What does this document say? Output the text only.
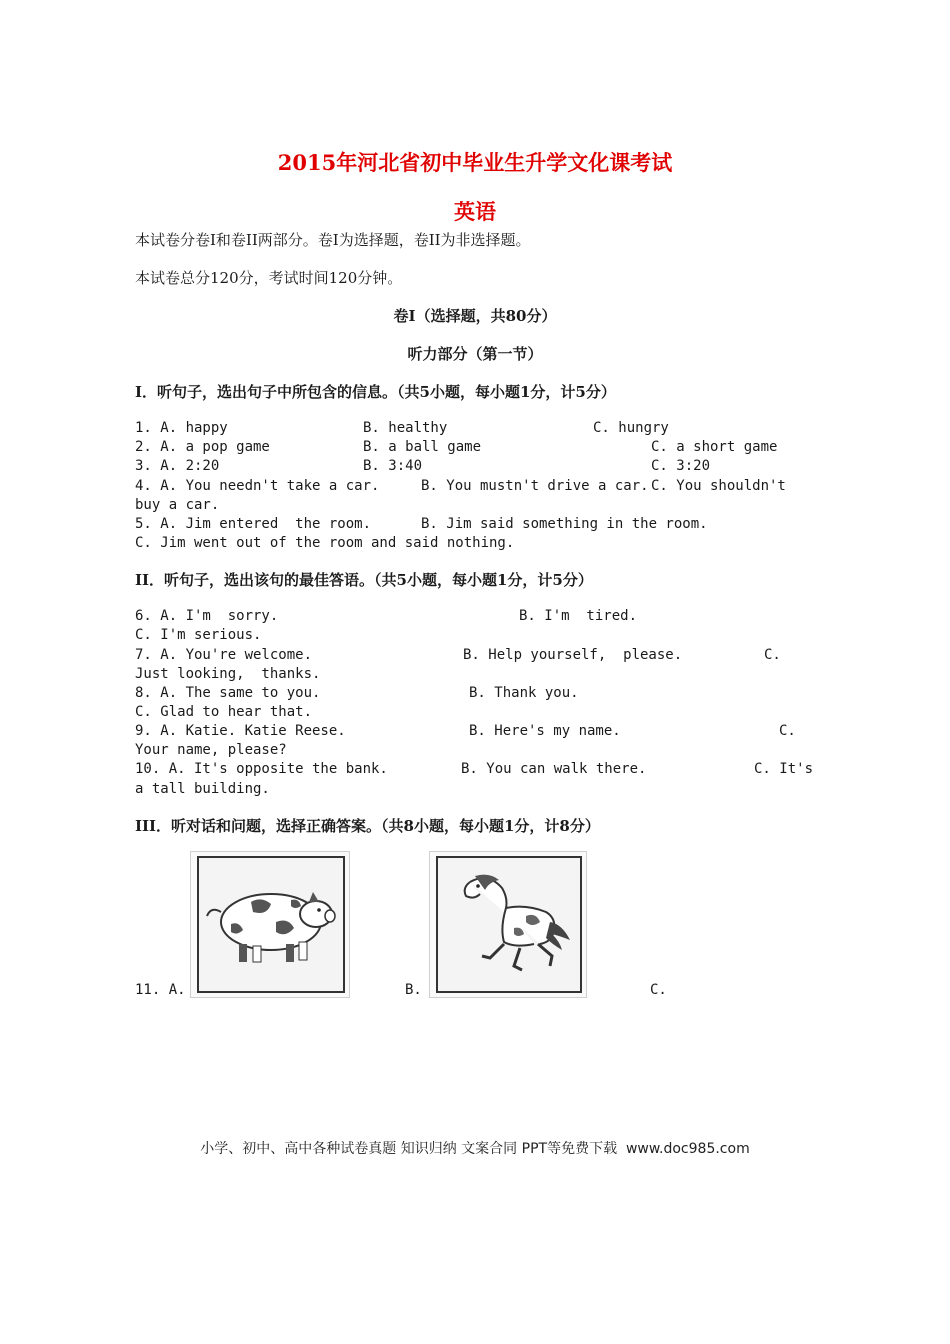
2015年河北省初中毕业生升学文化课考试
英语
本试卷分卷I和卷II两部分。卷I为选择题，卷II为非选择题。
本试卷总分120分，考试时间120分钟。
卷I（选择题，共80分）
听力部分（第一节）
I．听句子，选出句子中所包含的信息。（共5小题，每小题1分，计5分）
1. A. happy	B. healthy	C. hungry
2. A. a pop game	B. a ball game	C. a short game
3. A. 2:20	B. 3:40	C. 3:20
4. A. You needn't take a car.	B. You mustn't drive a car. C. You shouldn't
buy a car.
5. A. Jim entered  the room.	B. Jim said something in the room.
C. Jim went out of the room and said nothing.
II．听句子，选出该句的最佳答语。（共5小题，每小题1分，计5分）
6. A. I'm  sorry.	B. I'm  tired.
C. I'm serious.
7. A. You're welcome.	B. Help yourself,  please.	C.
Just looking,  thanks.
8. A. The same to you.	B. Thank you.
C. Glad to hear that.
9. A. Katie. Katie Reese.	B. Here's my name.	C.
Your name, please?
10. A. It's opposite the bank.	B. You can walk there.	C. It's
a tall building.
III．听对话和问题，选择正确答案。（共8小题，每小题1分，计8分）
11. A.	B.	C.
小学、初中、高中各种试卷真题 知识归纳 文案合同 PPT等免费下载  www.doc985.com
